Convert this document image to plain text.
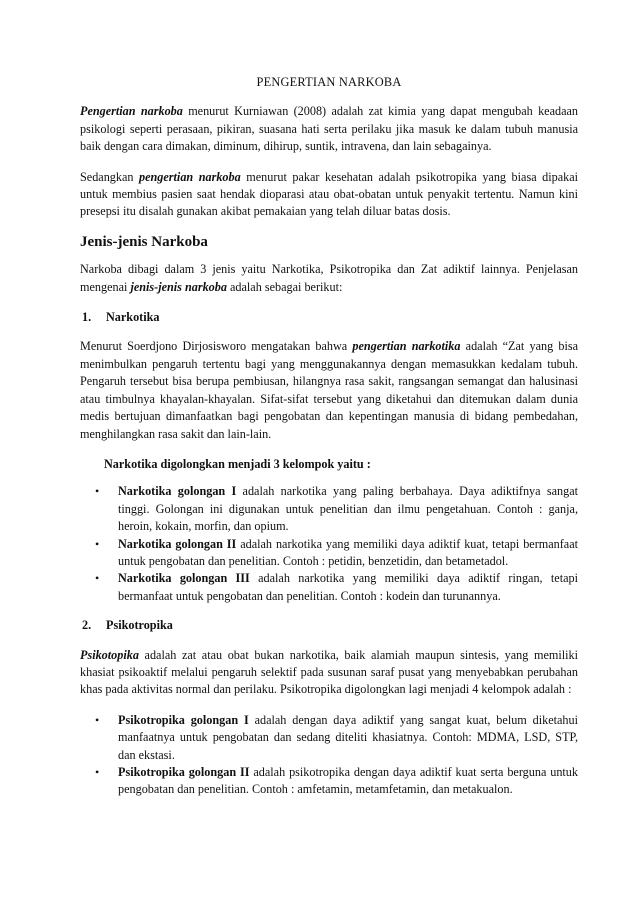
PENGERTIAN NARKOBA

Pengertian narkoba menurut Kurniawan (2008) adalah zat kimia yang dapat mengubah keadaan psikologi seperti perasaan, pikiran, suasana hati serta perilaku jika masuk ke dalam tubuh manusia baik dengan cara dimakan, diminum, dihirup, suntik, intravena, dan lain sebagainya.

Sedangkan pengertian narkoba menurut pakar kesehatan adalah psikotropika yang biasa dipakai untuk membius pasien saat hendak dioparasi atau obat-obatan untuk penyakit tertentu. Namun kini presepsi itu disalah gunakan akibat pemakaian yang telah diluar batas dosis.

Jenis-jenis Narkoba

Narkoba dibagi dalam 3 jenis yaitu Narkotika, Psikotropika dan Zat adiktif lainnya. Penjelasan mengenai jenis-jenis narkoba adalah sebagai berikut:

1. Narkotika

Menurut Soerdjono Dirjosisworo mengatakan bahwa pengertian narkotika adalah “Zat yang bisa menimbulkan pengaruh tertentu bagi yang menggunakannya dengan memasukkan kedalam tubuh. Pengaruh tersebut bisa berupa pembiusan, hilangnya rasa sakit, rangsangan semangat dan halusinasi atau timbulnya khayalan-khayalan. Sifat-sifat tersebut yang diketahui dan ditemukan dalam dunia medis bertujuan dimanfaatkan bagi pengobatan dan kepentingan manusia di bidang pembedahan, menghilangkan rasa sakit dan lain-lain.

Narkotika digolongkan menjadi 3 kelompok yaitu :
• Narkotika golongan I adalah narkotika yang paling berbahaya. Daya adiktifnya sangat tinggi. Golongan ini digunakan untuk penelitian dan ilmu pengetahuan. Contoh : ganja, heroin, kokain, morfin, dan opium.
• Narkotika golongan II adalah narkotika yang memiliki daya adiktif kuat, tetapi bermanfaat untuk pengobatan dan penelitian. Contoh : petidin, benzetidin, dan betametadol.
• Narkotika golongan III adalah narkotika yang memiliki daya adiktif ringan, tetapi bermanfaat untuk pengobatan dan penelitian. Contoh : kodein dan turunannya.
2. Psikotropika

Psikotopika adalah zat atau obat bukan narkotika, baik alamiah maupun sintesis, yang memiliki khasiat psikoaktif melalui pengaruh selektif pada susunan saraf pusat yang menyebabkan perubahan khas pada aktivitas normal dan perilaku. Psikotropika digolongkan lagi menjadi 4 kelompok adalah :

• Psikotropika golongan I adalah dengan daya adiktif yang sangat kuat, belum diketahui manfaatnya untuk pengobatan dan sedang diteliti khasiatnya. Contoh: MDMA, LSD, STP, dan ekstasi.
• Psikotropika golongan II adalah psikotropika dengan daya adiktif kuat serta berguna untuk pengobatan dan penelitian. Contoh : amfetamin, metamfetamin, dan metakualon.
